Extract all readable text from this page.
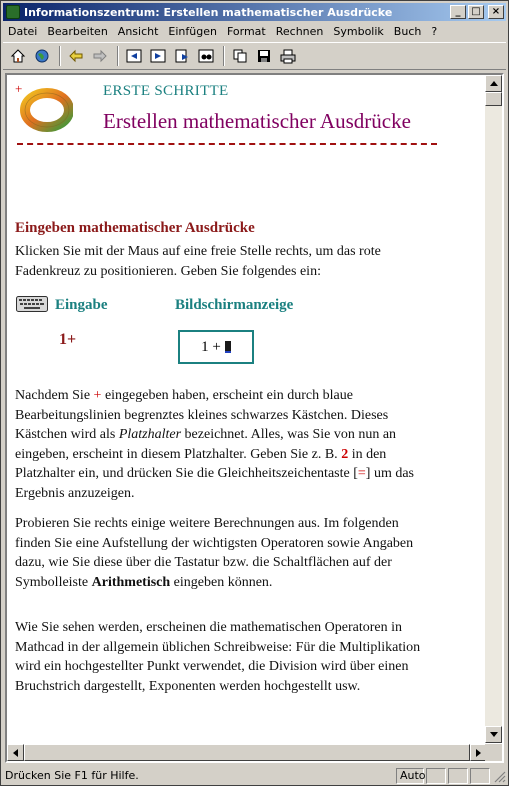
Informationszentrum: Erstellen mathematischer Ausdrücke	_	□	×
Datei Bearbeiten Ansicht Einfügen Format Rechnen Symbolik Buch ?
+	ERSTE SCHRITTE
Erstellen mathematischer Ausdrücke
Eingeben mathematischer Ausdrücke
Klicken Sie mit der Maus auf eine freie Stelle rechts, um das rote Fadenkreuz zu positionieren. Geben Sie folgendes ein:
Eingabe	Bildschirmanzeige
1+	1 +
Nachdem Sie + eingegeben haben, erscheint ein durch blaue Bearbeitungslinien begrenztes kleines schwarzes Kästchen. Dieses Kästchen wird als Platzhalter bezeichnet. Alles, was Sie von nun an eingeben, erscheint in diesem Platzhalter. Geben Sie z. B. 2 in den Platzhalter ein, und drücken Sie die Gleichheitszeichentaste [=] um das Ergebnis anzuzeigen.
Probieren Sie rechts einige weitere Berechnungen aus. Im folgenden finden Sie eine Aufstellung der wichtigsten Operatoren sowie Angaben dazu, wie Sie diese über die Tastatur bzw. die Schaltflächen auf der Symbolleiste Arithmetisch eingeben können.
Wie Sie sehen werden, erscheinen die mathematischen Operatoren in Mathcad in der allgemein üblichen Schreibweise: Für die Multiplikation wird ein hochgestellter Punkt verwendet, die Division wird über einen Bruchstrich dargestellt, Exponenten werden hochgestellt usw.
Drücken Sie F1 für Hilfe.	Auto
